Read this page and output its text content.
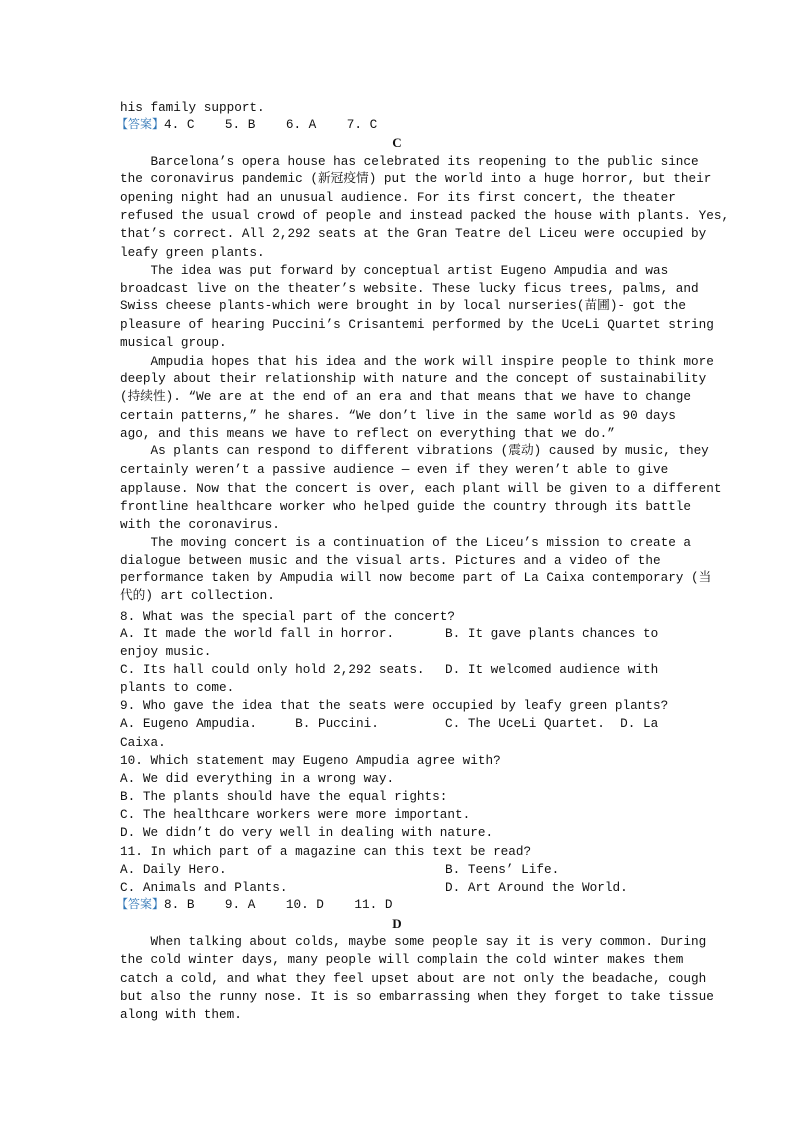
his family support.
【答案】4. C    5. B    6. A    7. C
C
Barcelona’s opera house has celebrated its reopening to the public since
the coronavirus pandemic (新冠疫情) put the world into a huge horror, but their
opening night had an unusual audience. For its first concert, the theater
refused the usual crowd of people and instead packed the house with plants. Yes,
that’s correct. All 2,292 seats at the Gran Teatre del Liceu were occupied by
leafy green plants.
The idea was put forward by conceptual artist Eugeno Ampudia and was
broadcast live on the theater’s website. These lucky ficus trees, palms, and
Swiss cheese plants-which were brought in by local nurseries(苗圃)- got the
pleasure of hearing Puccini’s Crisantemi performed by the UceLi Quartet string
musical group.
Ampudia hopes that his idea and the work will inspire people to think more
deeply about their relationship with nature and the concept of sustainability
(持续性). “We are at the end of an era and that means that we have to change
certain patterns,” he shares. “We don’t live in the same world as 90 days
ago, and this means we have to reflect on everything that we do.”
As plants can respond to different vibrations (震动) caused by music, they
certainly weren’t a passive audience — even if they weren’t able to give
applause. Now that the concert is over, each plant will be given to a different
frontline healthcare worker who helped guide the country through its battle
with the coronavirus.
The moving concert is a continuation of the Liceu’s mission to create a
dialogue between music and the visual arts. Pictures and a video of the
performance taken by Ampudia will now become part of La Caixa contemporary (当
代的) art collection.
8. What was the special part of the concert?
A. It made the world fall in horror.	B. It gave plants chances to
enjoy music.
C. Its hall could only hold 2,292 seats. D. It welcomed audience with
plants to come.
9. Who gave the idea that the seats were occupied by leafy green plants?
A. Eugeno Ampudia.     B. Puccini.	C. The UceLi Quartet.  D. La
Caixa.
10. Which statement may Eugeno Ampudia agree with?
A. We did everything in a wrong way.
B. The plants should have the equal rights:
C. The healthcare workers were more important.
D. We didn’t do very well in dealing with nature.
11. In which part of a magazine can this text be read?
A. Daily Hero.	B. Teens’ Life.
C. Animals and Plants.	D. Art Around the World.
【答案】8. B    9. A    10. D    11. D
D
When talking about colds, maybe some people say it is very common. During
the cold winter days, many people will complain the cold winter makes them
catch a cold, and what they feel upset about are not only the beadache, cough
but also the runny nose. It is so embarrassing when they forget to take tissue
along with them.
